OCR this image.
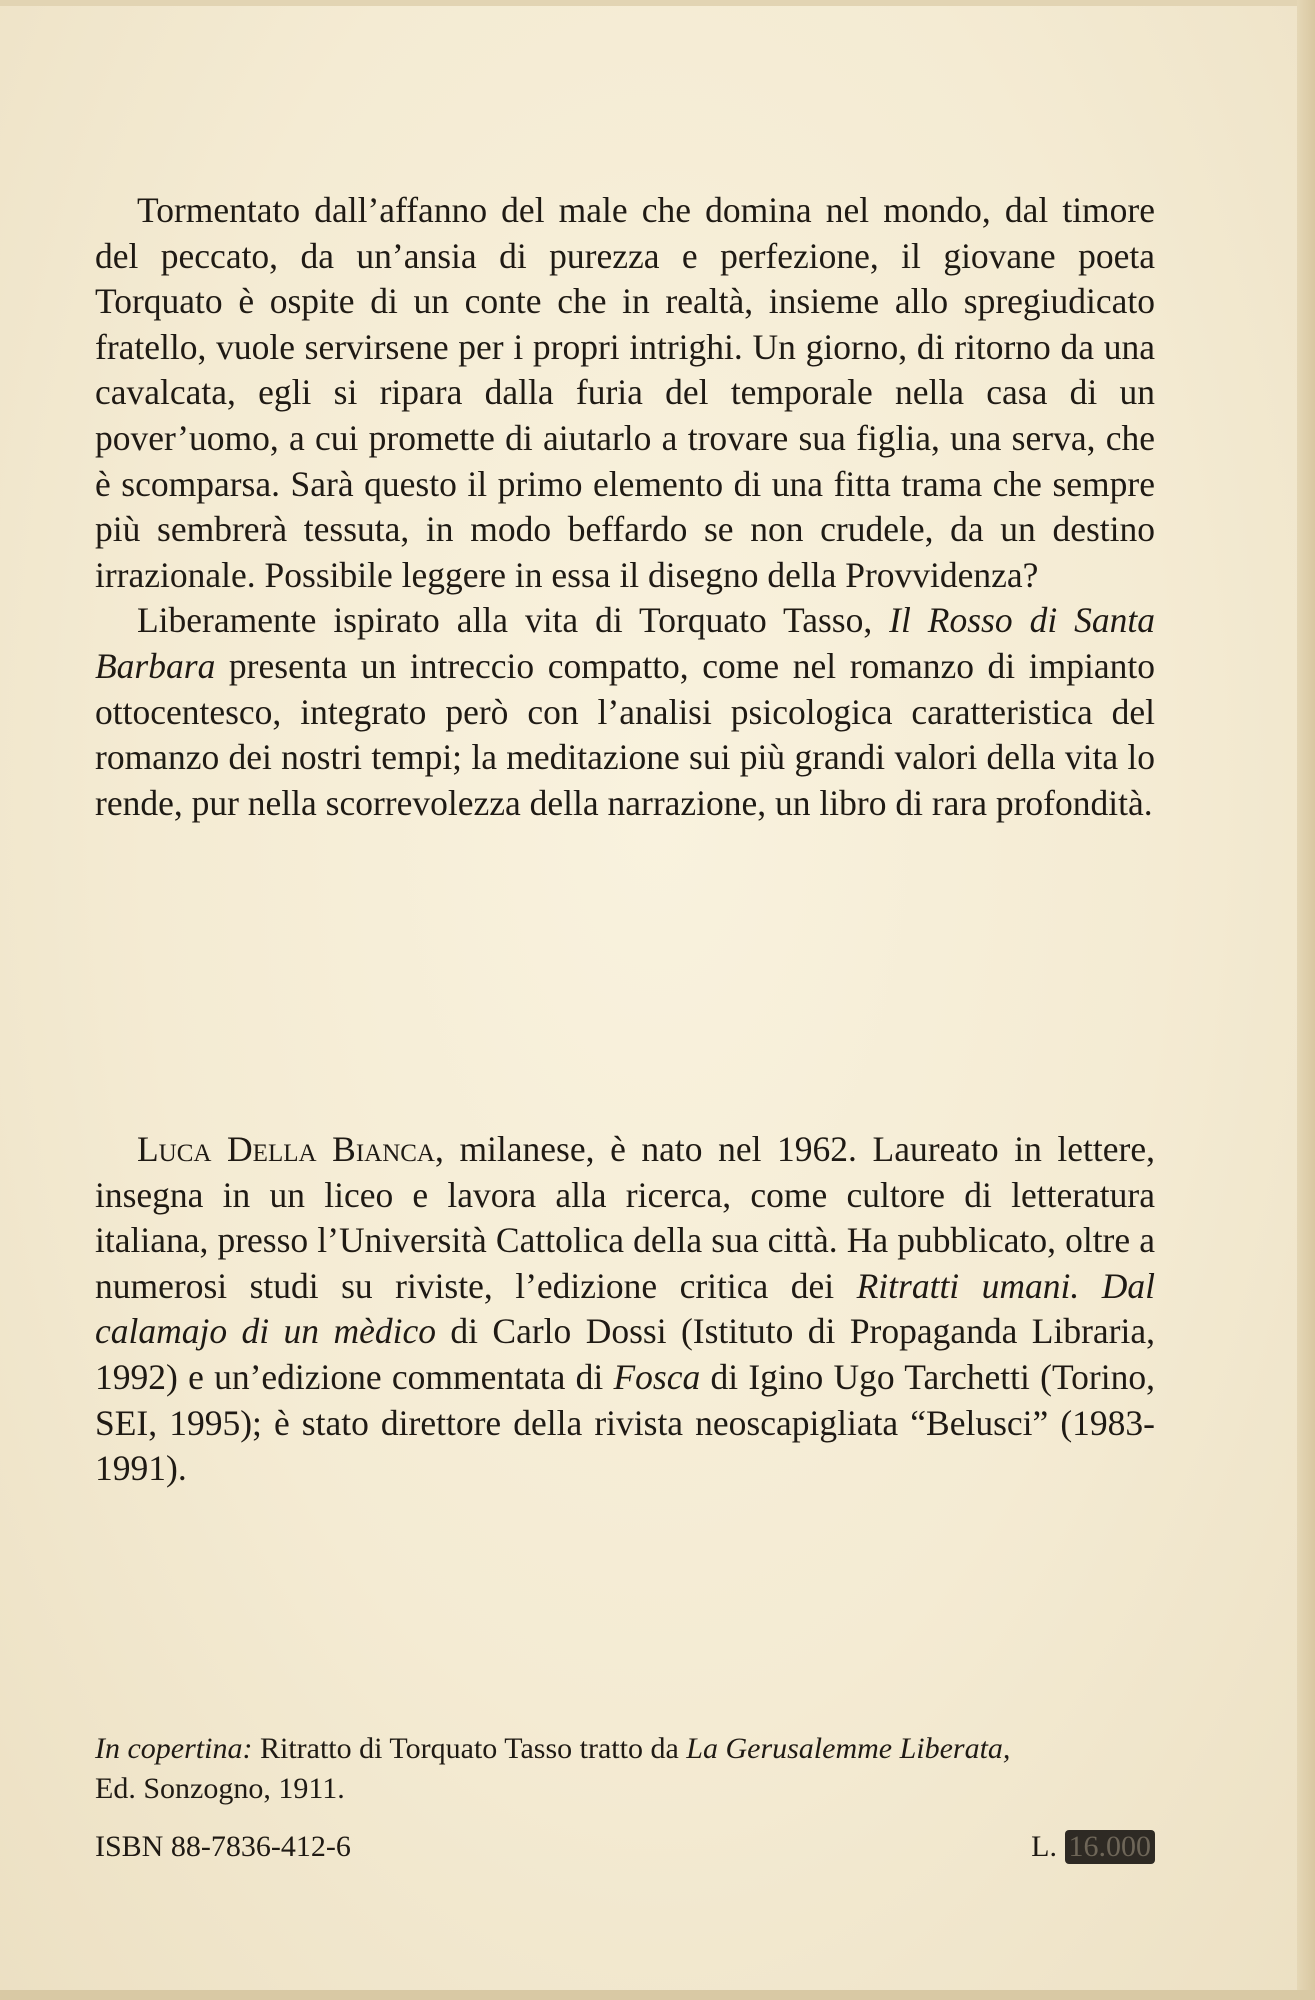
Tormentato dall’affanno del male che domina nel mondo, dal timore del peccato, da un’ansia di purezza e perfezione, il giovane poeta Torquato è ospite di un conte che in realtà, insieme allo spregiudicato fratello, vuole servirsene per i propri intrighi. Un giorno, di ritorno da una cavalcata, egli si ripara dalla furia del temporale nella casa di un pover’uomo, a cui promette di aiutarlo a trovare sua figlia, una serva, che è scomparsa. Sarà questo il primo elemento di una fitta trama che sempre più sembrerà tessuta, in modo beffardo se non crudele, da un destino irrazionale. Possibile leggere in essa il disegno della Provvidenza?

Liberamente ispirato alla vita di Torquato Tasso, Il Rosso di Santa Barbara presenta un intreccio compatto, come nel romanzo di impianto ottocentesco, integrato però con l’analisi psicologica caratteristica del romanzo dei nostri tempi; la meditazione sui più grandi valori della vita lo rende, pur nella scorrevolezza della narrazione, un libro di rara profondità.

Luca Della Bianca, milanese, è nato nel 1962. Laureato in lettere, insegna in un liceo e lavora alla ricerca, come cultore di letteratura italiana, presso l’Università Cattolica della sua città. Ha pubblicato, oltre a numerosi studi su riviste, l’edizione critica dei Ritratti umani. Dal calamajo di un mèdico di Carlo Dossi (Istituto di Propaganda Libraria, 1992) e un’edizione commentata di Fosca di Igino Ugo Tarchetti (Torino, SEI, 1995); è stato direttore della rivista neoscapigliata “Belusci” (1983-1991).

In copertina: Ritratto di Torquato Tasso tratto da La Gerusalemme Liberata,
Ed. Sonzogno, 1911.
ISBN 88-7836-412-6	L. 16.000
